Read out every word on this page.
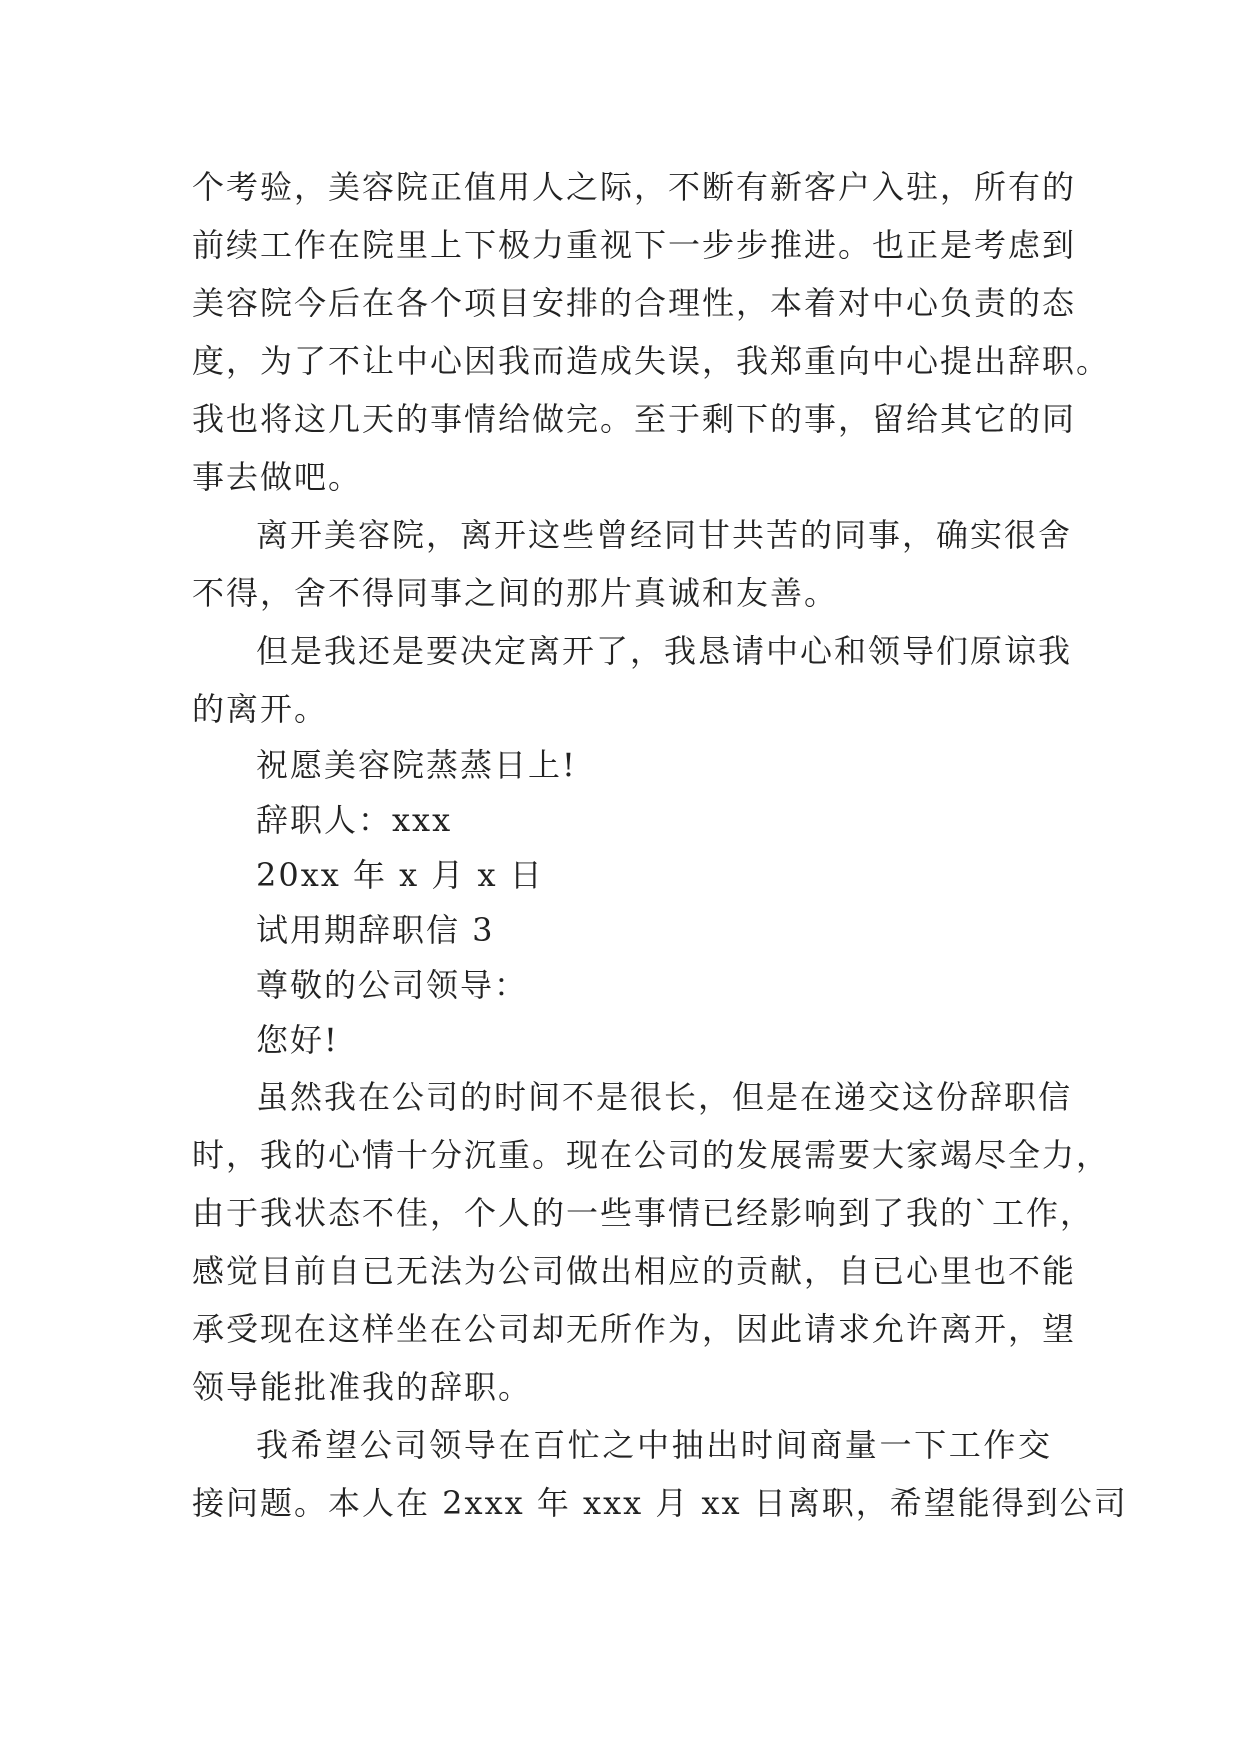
个考验，美容院正值用人之际，不断有新客户入驻，所有的
前续工作在院里上下极力重视下一步步推进。也正是考虑到
美容院今后在各个项目安排的合理性，本着对中心负责的态
度，为了不让中心因我而造成失误，我郑重向中心提出辞职。
我也将这几天的事情给做完。至于剩下的事，留给其它的同
事去做吧。
离开美容院，离开这些曾经同甘共苦的同事，确实很舍
不得，舍不得同事之间的那片真诚和友善。
但是我还是要决定离开了，我恳请中心和领导们原谅我
的离开。
祝愿美容院蒸蒸日上!
辞职人：xxx
20xx 年 x 月 x 日
试用期辞职信 3
尊敬的公司领导：
您好!
虽然我在公司的时间不是很长，但是在递交这份辞职信
时，我的心情十分沉重。现在公司的发展需要大家竭尽全力，
由于我状态不佳，个人的一些事情已经影响到了我的`工作，
感觉目前自已无法为公司做出相应的贡献，自已心里也不能
承受现在这样坐在公司却无所作为，因此请求允许离开，望
领导能批准我的辞职。
我希望公司领导在百忙之中抽出时间商量一下工作交
接问题。本人在 2xxx 年 xxx 月 xx 日离职，希望能得到公司
